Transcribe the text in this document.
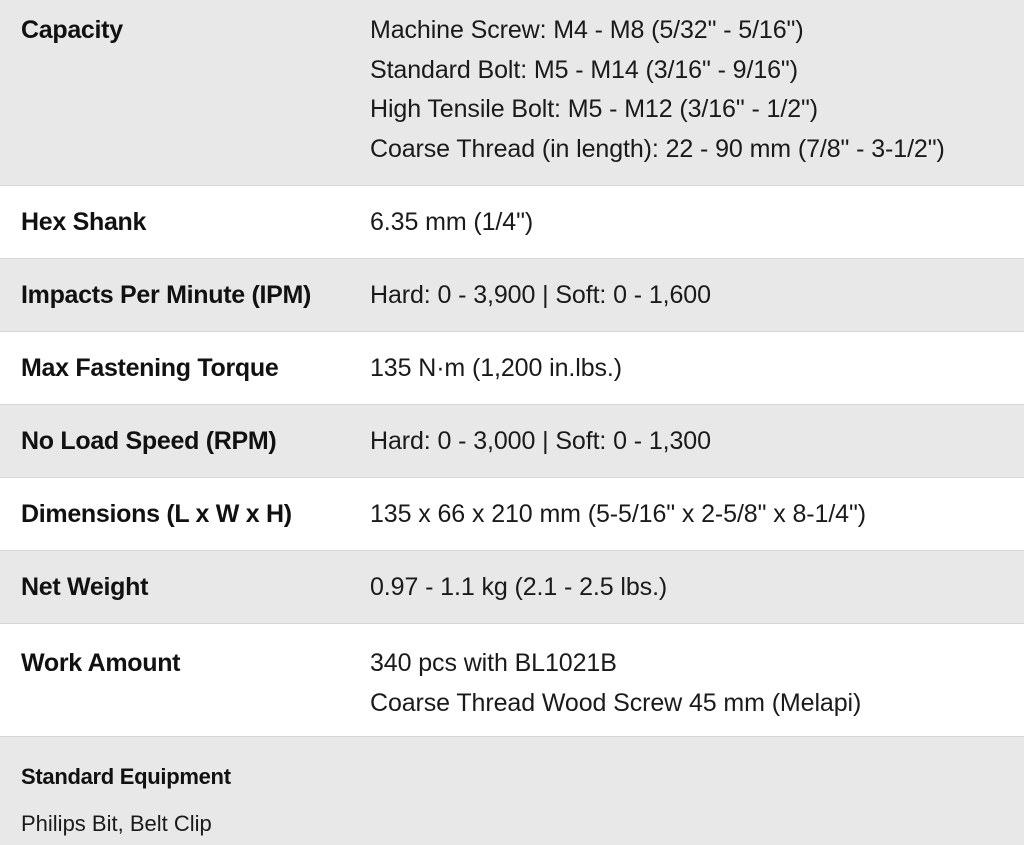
Capacity	Machine Screw: M4 - M8 (5/32" - 5/16")
Standard Bolt: M5 - M14 (3/16" - 9/16")
High Tensile Bolt: M5 - M12 (3/16" - 1/2")
Coarse Thread (in length): 22 - 90 mm (7/8" - 3-1/2")
Hex Shank	6.35 mm (1/4")
Impacts Per Minute (IPM)	Hard: 0 - 3,900 | Soft: 0 - 1,600
Max Fastening Torque	135 N·m (1,200 in.lbs.)
No Load Speed (RPM)	Hard: 0 - 3,000 | Soft: 0 - 1,300
Dimensions (L x W x H)	135 x 66 x 210 mm (5-5/16" x 2-5/8" x 8-1/4")
Net Weight	0.97 - 1.1 kg (2.1 - 2.5 lbs.)
Work Amount	340 pcs with BL1021B
Coarse Thread Wood Screw 45 mm (Melapi)
Standard Equipment
Philips Bit, Belt Clip
